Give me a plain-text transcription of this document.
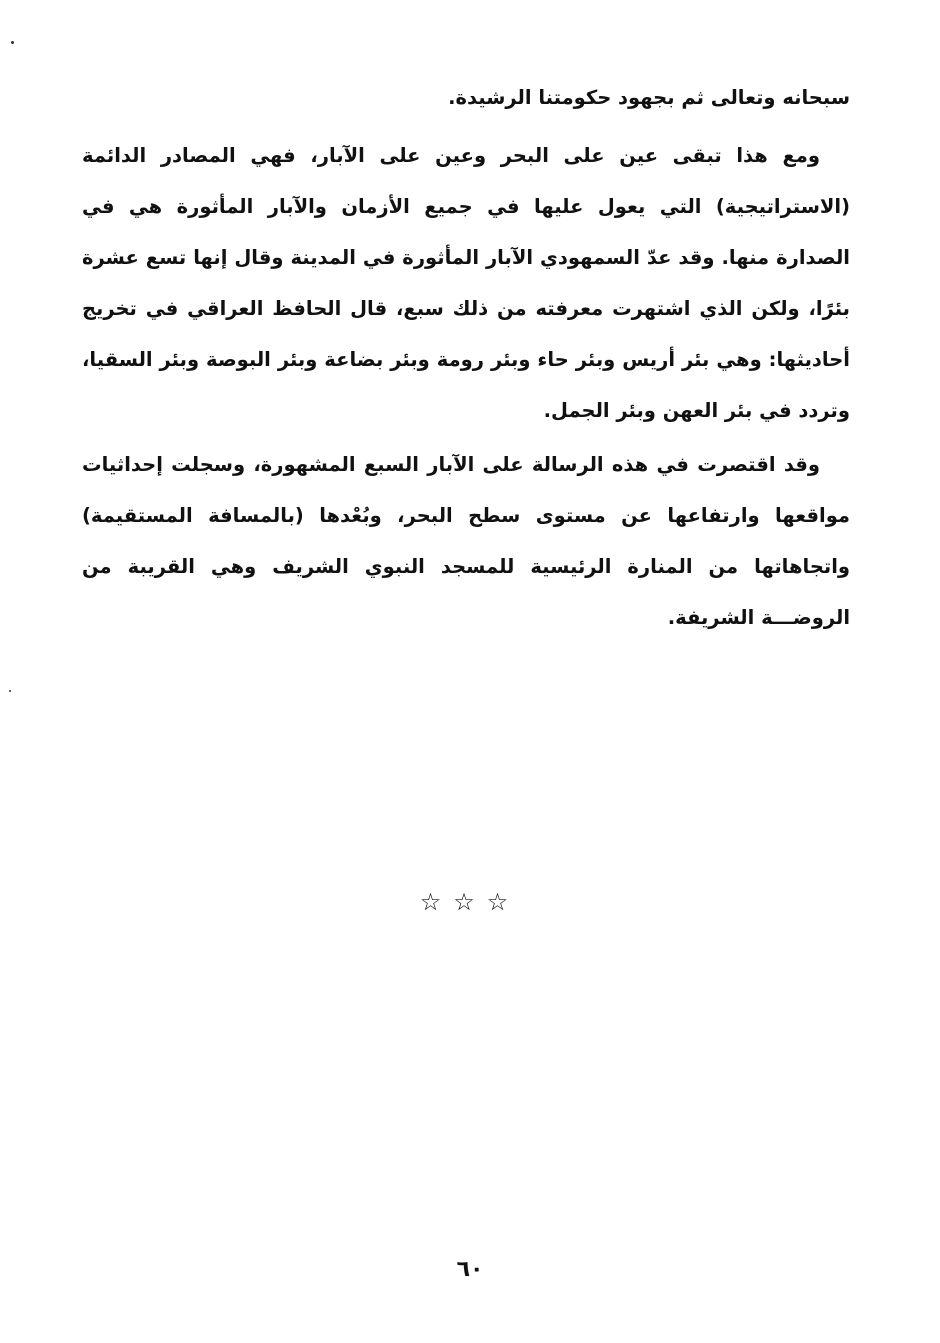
سبحانه وتعالى ثم بجهود حكومتنا الرشيدة.

ومع هذا تبقى عين على البحر وعين على الآبار، فهي المصادر الدائمة (الاستراتيجية) التي يعول عليها في جميع الأزمان والآبار المأثورة هي في الصدارة منها. وقد عدّ السمهودي الآبار المأثورة في المدينة وقال إنها تسع عشرة بئرًا، ولكن الذي اشتهرت معرفته من ذلك سبع، قال الحافظ العراقي في تخريج أحاديثها: وهي بئر أريس وبئر حاء وبئر رومة وبئر بضاعة وبئر البوصة وبئر السقيا، وتردد في بئر العهن وبئر الجمل.

وقد اقتصرت في هذه الرسالة على الآبار السبع المشهورة، وسجلت إحداثيات مواقعها وارتفاعها عن مستوى سطح البحر، وبُعْدها (بالمسافة المستقيمة) واتجاهاتها من المنارة الرئيسية للمسجد النبوي الشريف وهي القريبة من الروضـــة الشريفة.

☆☆☆
٦٠
